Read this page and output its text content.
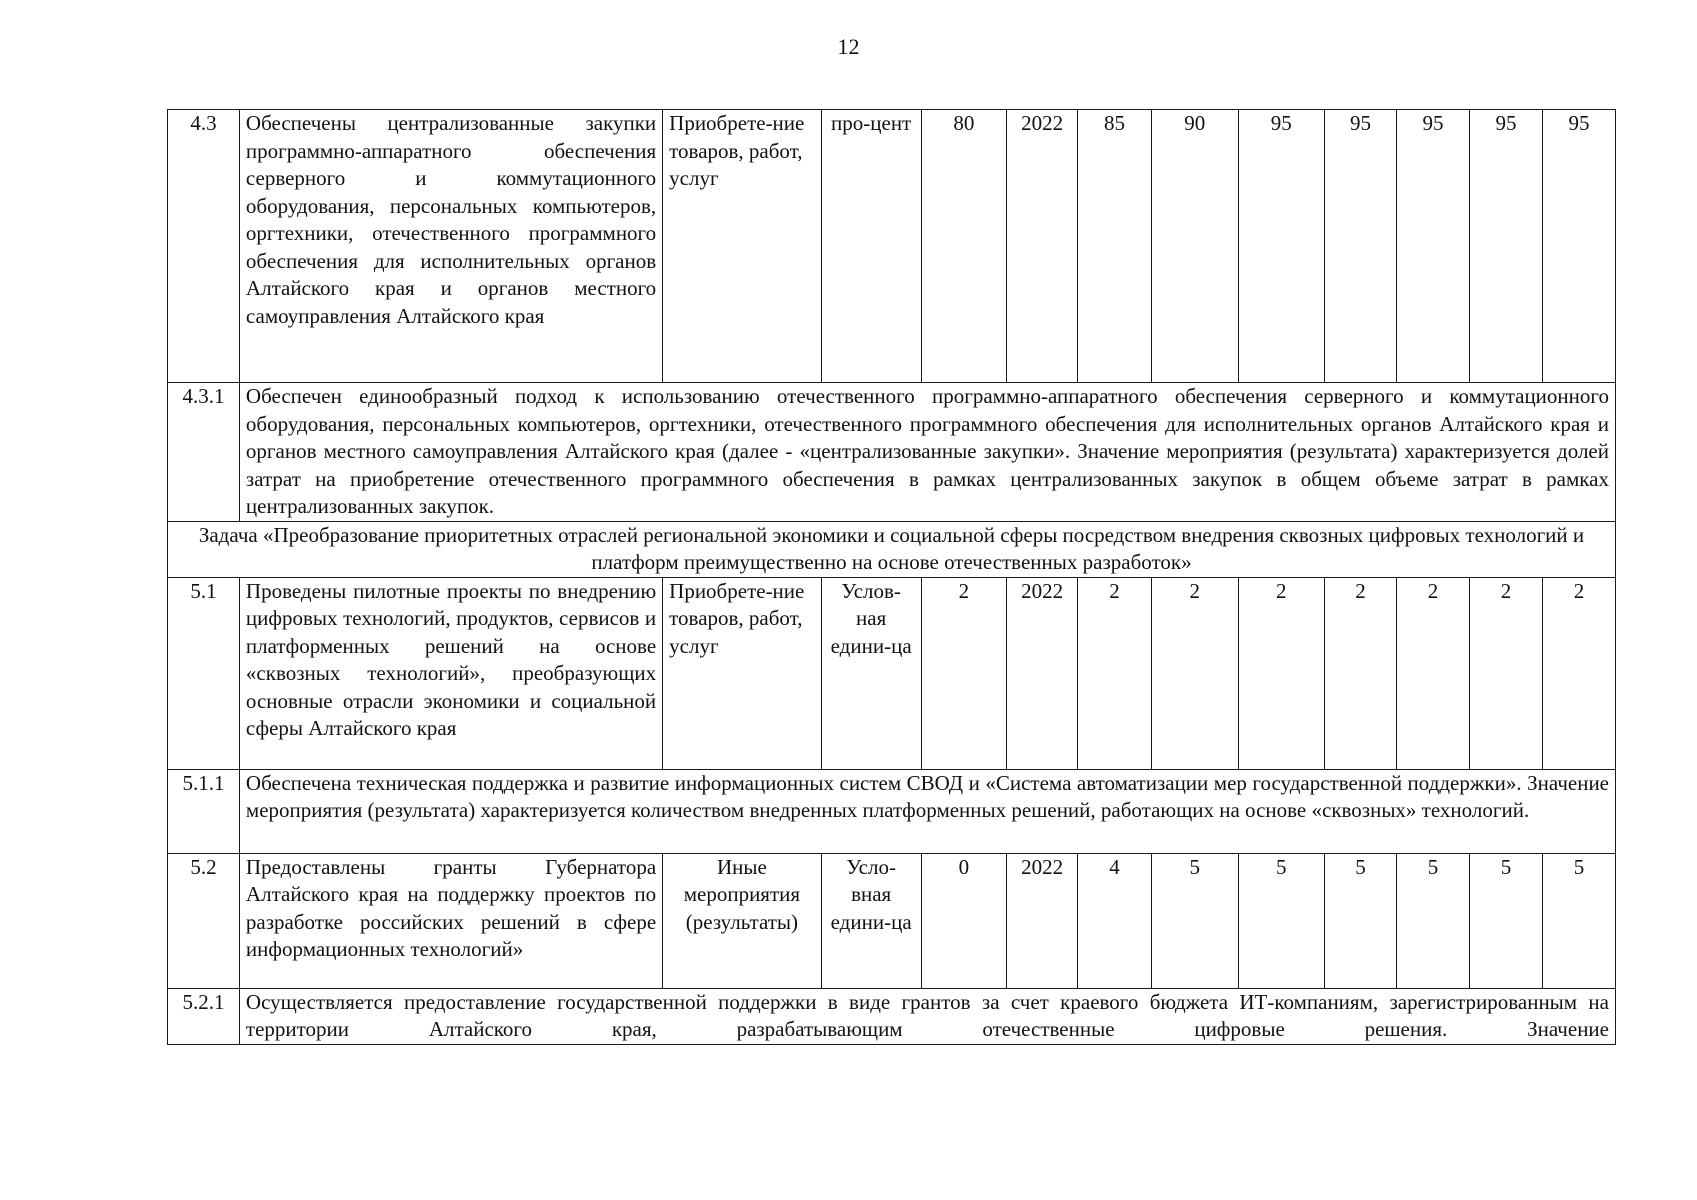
12
4.3	Обеспечены централизованные закупки программно-аппаратного обеспечения серверного и коммутационного оборудования, персональных компьютеров, оргтехники, отечественного программного обеспечения для исполнительных органов Алтайского края и органов местного самоуправления Алтайского края	Приобрете-ние товаров, работ, услуг	про-цент	80	2022	85	90	95	95	95	95	95
4.3.1	Обеспечен единообразный подход к использованию отечественного программно-аппаратного обеспечения серверного и коммутационного оборудования, персональных компьютеров, оргтехники, отечественного программного обеспечения для исполнительных органов Алтайского края и органов местного самоуправления Алтайского края (далее - «централизованные закупки». Значение мероприятия (результата) характеризуется долей затрат на приобретение отечественного программного обеспечения в рамках централизованных закупок в общем объеме затрат в рамках централизованных закупок.											
Задача «Преобразование приоритетных отраслей региональной экономики и социальной сферы посредством внедрения сквозных цифровых технологий и платформ преимущественно на основе отечественных разработок»												
5.1	Проведены пилотные проекты по внедрению цифровых технологий, продуктов, сервисов и платформенных решений на основе «сквозных технологий», преобразующих основные отрасли экономики и социальной сферы Алтайского края	Приобрете-ние товаров, работ, услуг	Услов-ная едини-ца	2	2022	2	2	2	2	2	2	2
5.1.1	Обеспечена техническая поддержка и развитие информационных систем СВОД и «Система автоматизации мер государственной поддержки». Значение мероприятия (результата) характеризуется количеством внедренных платформенных решений, работающих на основе «сквозных» технологий.											
5.2	Предоставлены гранты Губернатора Алтайского края на поддержку проектов по разработке российских решений в сфере информационных технологий»	Иные мероприятия (результаты)	Усло-вная едини-ца	0	2022	4	5	5	5	5	5	5
5.2.1	Осуществляется предоставление государственной поддержки в виде грантов за счет краевого бюджета ИТ-компаниям, зарегистрированным на территории Алтайского края, разрабатывающим отечественные цифровые решения. Значение											
